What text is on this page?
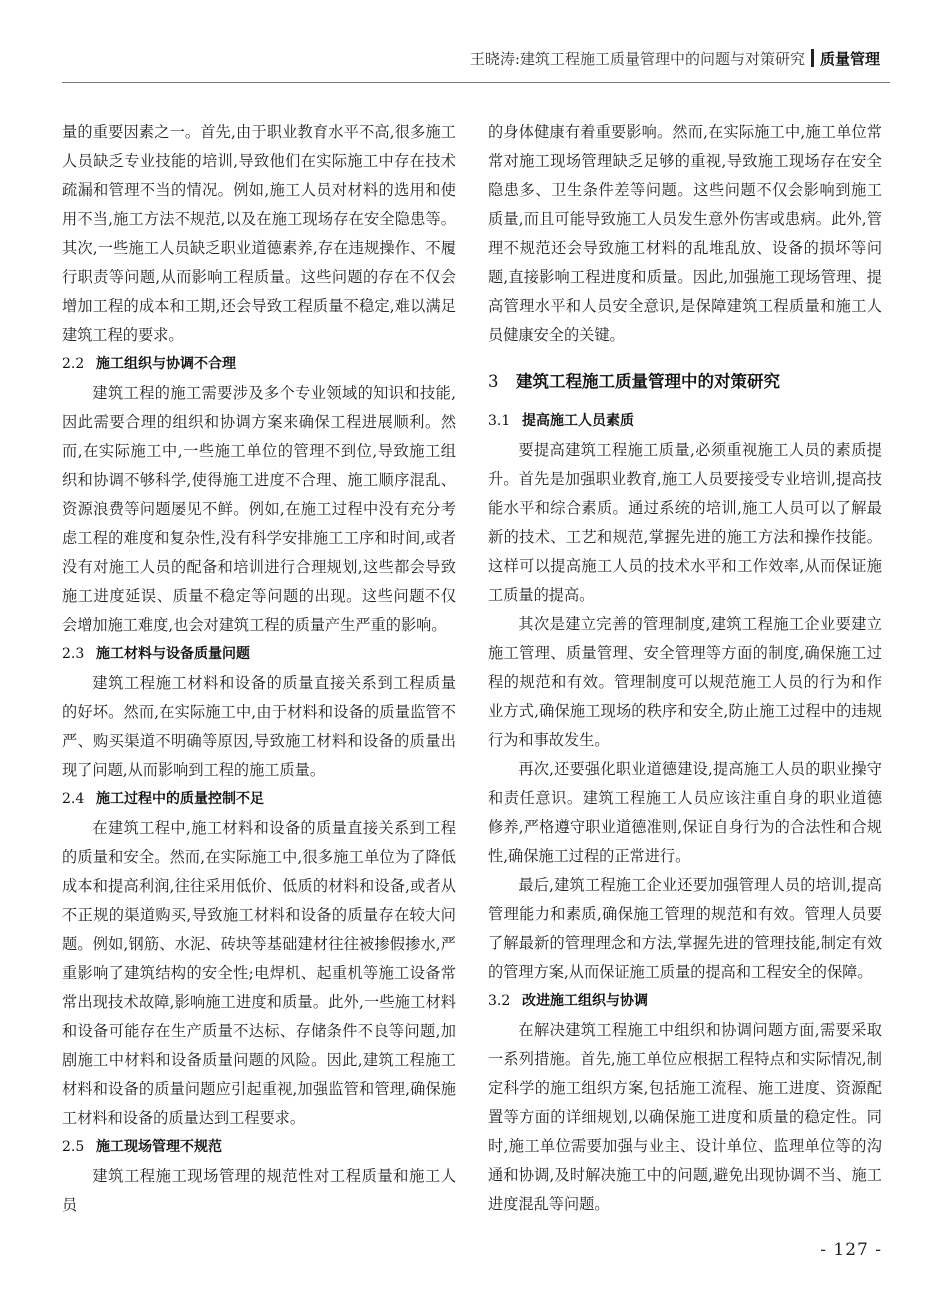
王晓涛:建筑工程施工质量管理中的问题与对策研究 质量管理

量的重要因素之一。首先,由于职业教育水平不高,很多施工人员缺乏专业技能的培训,导致他们在实际施工中存在技术疏漏和管理不当的情况。例如,施工人员对材料的选用和使用不当,施工方法不规范,以及在施工现场存在安全隐患等。其次,一些施工人员缺乏职业道德素养,存在违规操作、不履行职责等问题,从而影响工程质量。这些问题的存在不仅会增加工程的成本和工期,还会导致工程质量不稳定,难以满足建筑工程的要求。

2.2 施工组织与协调不合理

建筑工程的施工需要涉及多个专业领域的知识和技能,因此需要合理的组织和协调方案来确保工程进展顺利。然而,在实际施工中,一些施工单位的管理不到位,导致施工组织和协调不够科学,使得施工进度不合理、施工顺序混乱、资源浪费等问题屡见不鲜。例如,在施工过程中没有充分考虑工程的难度和复杂性,没有科学安排施工工序和时间,或者没有对施工人员的配备和培训进行合理规划,这些都会导致施工进度延误、质量不稳定等问题的出现。这些问题不仅会增加施工难度,也会对建筑工程的质量产生严重的影响。

2.3 施工材料与设备质量问题

建筑工程施工材料和设备的质量直接关系到工程质量的好坏。然而,在实际施工中,由于材料和设备的质量监管不严、购买渠道不明确等原因,导致施工材料和设备的质量出现了问题,从而影响到工程的施工质量。

2.4 施工过程中的质量控制不足

在建筑工程中,施工材料和设备的质量直接关系到工程的质量和安全。然而,在实际施工中,很多施工单位为了降低成本和提高利润,往往采用低价、低质的材料和设备,或者从不正规的渠道购买,导致施工材料和设备的质量存在较大问题。例如,钢筋、水泥、砖块等基础建材往往被掺假掺水,严重影响了建筑结构的安全性;电焊机、起重机等施工设备常常出现技术故障,影响施工进度和质量。此外,一些施工材料和设备可能存在生产质量不达标、存储条件不良等问题,加剧施工中材料和设备质量问题的风险。因此,建筑工程施工材料和设备的质量问题应引起重视,加强监管和管理,确保施工材料和设备的质量达到工程要求。

2.5 施工现场管理不规范

建筑工程施工现场管理的规范性对工程质量和施工人员

的身体健康有着重要影响。然而,在实际施工中,施工单位常常对施工现场管理缺乏足够的重视,导致施工现场存在安全隐患多、卫生条件差等问题。这些问题不仅会影响到施工质量,而且可能导致施工人员发生意外伤害或患病。此外,管理不规范还会导致施工材料的乱堆乱放、设备的损坏等问题,直接影响工程进度和质量。因此,加强施工现场管理、提高管理水平和人员安全意识,是保障建筑工程质量和施工人员健康安全的关键。

3 建筑工程施工质量管理中的对策研究
3.1 提高施工人员素质

要提高建筑工程施工质量,必须重视施工人员的素质提升。首先是加强职业教育,施工人员要接受专业培训,提高技能水平和综合素质。通过系统的培训,施工人员可以了解最新的技术、工艺和规范,掌握先进的施工方法和操作技能。这样可以提高施工人员的技术水平和工作效率,从而保证施工质量的提高。

其次是建立完善的管理制度,建筑工程施工企业要建立施工管理、质量管理、安全管理等方面的制度,确保施工过程的规范和有效。管理制度可以规范施工人员的行为和作业方式,确保施工现场的秩序和安全,防止施工过程中的违规行为和事故发生。

再次,还要强化职业道德建设,提高施工人员的职业操守和责任意识。建筑工程施工人员应该注重自身的职业道德修养,严格遵守职业道德准则,保证自身行为的合法性和合规性,确保施工过程的正常进行。

最后,建筑工程施工企业还要加强管理人员的培训,提高管理能力和素质,确保施工管理的规范和有效。管理人员要了解最新的管理理念和方法,掌握先进的管理技能,制定有效的管理方案,从而保证施工质量的提高和工程安全的保障。

3.2 改进施工组织与协调

在解决建筑工程施工中组织和协调问题方面,需要采取一系列措施。首先,施工单位应根据工程特点和实际情况,制定科学的施工组织方案,包括施工流程、施工进度、资源配置等方面的详细规划,以确保施工进度和质量的稳定性。同时,施工单位需要加强与业主、设计单位、监理单位等的沟通和协调,及时解决施工中的问题,避免出现协调不当、施工进度混乱等问题。

- 127 -
